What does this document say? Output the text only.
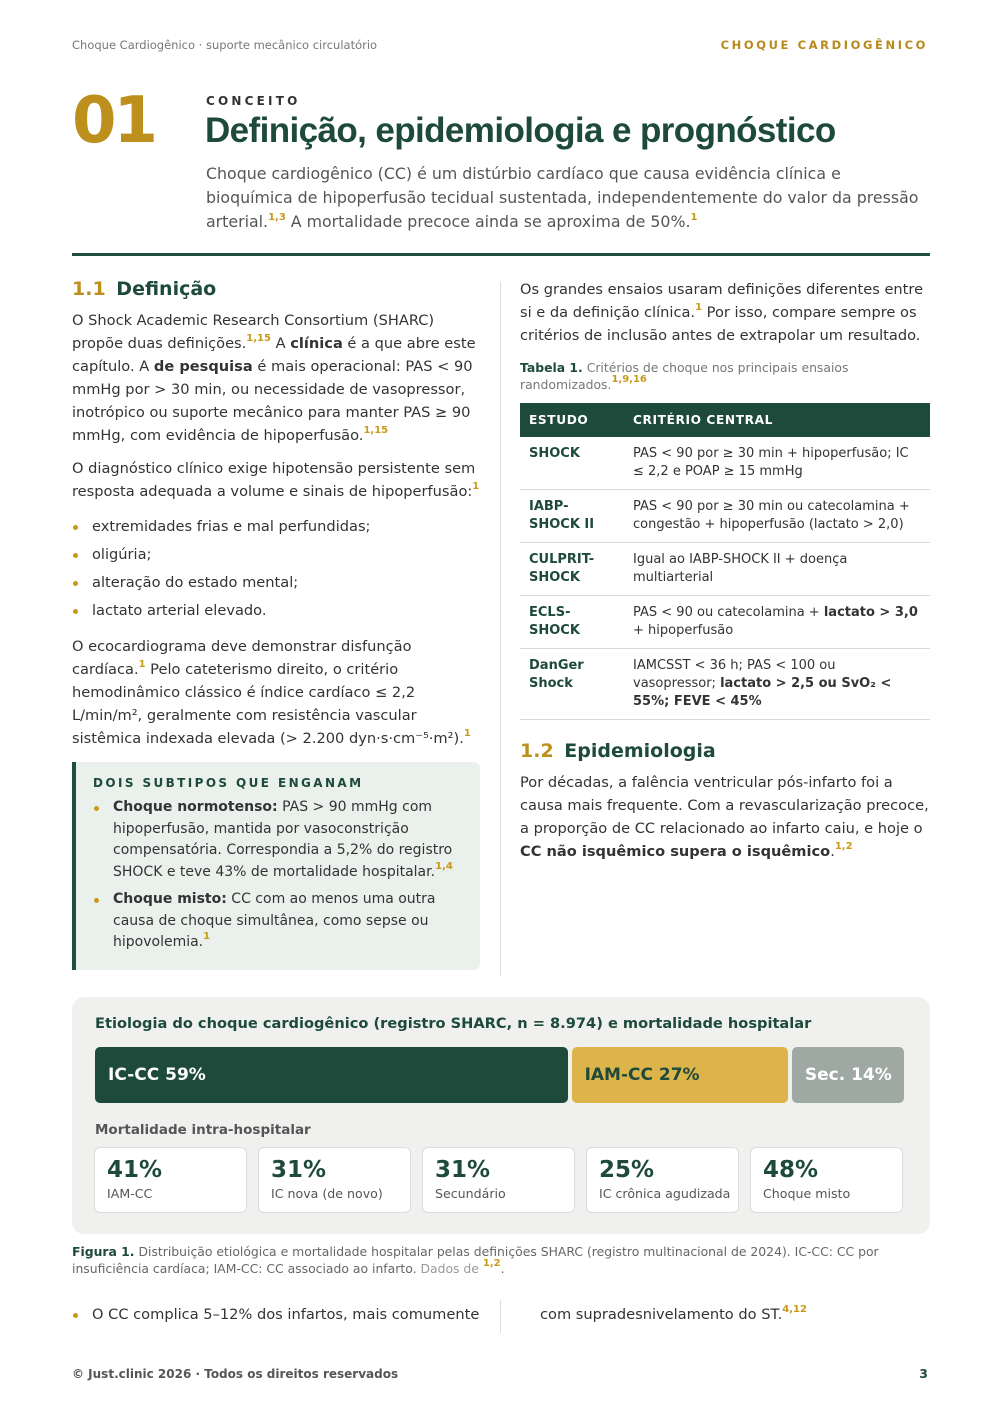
Choque Cardiogênico · suporte mecânico circulatório	CHOQUE CARDIOGÊNICO
01	CONCEITO
Definição, epidemiologia e prognóstico
Choque cardiogênico (CC) é um distúrbio cardíaco que causa evidência clínica e bioquímica de hipoperfusão tecidual sustentada, independentemente do valor da pressão arterial.$^{1,3}$ A mortalidade precoce ainda se aproxima de 50%.$^1$
1.1 Definição

O Shock Academic Research Consortium (SHARC) propõe duas definições.$^{1,15}$ A clínica é a que abre este capítulo. A de pesquisa é mais operacional: PAS < 90 mmHg por > 30 min, ou necessidade de vasopressor, inotrópico ou suporte mecânico para manter PAS ≥ 90 mmHg, com evidência de hipoperfusão.$^{1,15}$

O diagnóstico clínico exige hipotensão persistente sem resposta adequada a volume e sinais de hipoperfusão:$^1$

extremidades frias e mal perfundidas;
oligúria;
alteração do estado mental;
lactato arterial elevado.

O ecocardiograma deve demonstrar disfunção cardíaca.$^1$ Pelo cateterismo direito, o critério hemodinâmico clássico é índice cardíaco ≤ 2,2 L/min/m², geralmente com resistência vascular sistêmica indexada elevada (> 2.200 dyn·s·cm⁻⁵·m²).$^1$

DOIS SUBTIPOS QUE ENGANAM
Choque normotenso: PAS > 90 mmHg com hipoperfusão, mantida por vasoconstrição compensatória. Correspondia a 5,2% do registro SHOCK e teve 43% de mortalidade hospitalar.$^{1,4}$
Choque misto: CC com ao menos uma outra causa de choque simultânea, como sepse ou hipovolemia.$^1$

Os grandes ensaios usaram definições diferentes entre si e da definição clínica.$^1$ Por isso, compare sempre os critérios de inclusão antes de extrapolar um resultado.

Tabela 1. Critérios de choque nos principais ensaios randomizados.$^{1,9,16}$
ESTUDO	CRITÉRIO CENTRAL
SHOCK	PAS < 90 por ≥ 30 min + hipoperfusão; IC ≤ 2,2 e POAP ≥ 15 mmHg
IABP-SHOCK II	PAS < 90 por ≥ 30 min ou catecolamina + congestão + hipoperfusão (lactato > 2,0)
CULPRIT-SHOCK	Igual ao IABP-SHOCK II + doença multiarterial
ECLS-SHOCK	PAS < 90 ou catecolamina + lactato > 3,0 + hipoperfusão
DanGer Shock	IAMCSST < 36 h; PAS < 100 ou vasopressor; lactato > 2,5 ou SvO₂ < 55%; FEVE < 45%
1.2 Epidemiologia

Por décadas, a falência ventricular pós-infarto foi a causa mais frequente. Com a revascularização precoce, a proporção de CC relacionado ao infarto caiu, e hoje o CC não isquêmico supera o isquêmico.$^{1,2}$

Etiologia do choque cardiogênico (registro SHARC, n = 8.974) e mortalidade hospitalar
IC-CC 59%	IAM-CC 27%	Sec. 14%
Mortalidade intra-hospitalar
41%
IAM-CC
31%
IC nova (de novo)
31%
Secundário
25%
IC crônica agudizada
48%
Choque misto
Figura 1. Distribuição etiológica e mortalidade hospitalar pelas definições SHARC (registro multinacional de 2024). IC-CC: CC por insuficiência cardíaca; IAM-CC: CC associado ao infarto. Dados de $^{1,2}$.
O CC complica 5–12% dos infartos, mais comumente	com supradesnivelamento do ST.$^{4,12}$
© Just.clinic 2026 · Todos os direitos reservados	3
